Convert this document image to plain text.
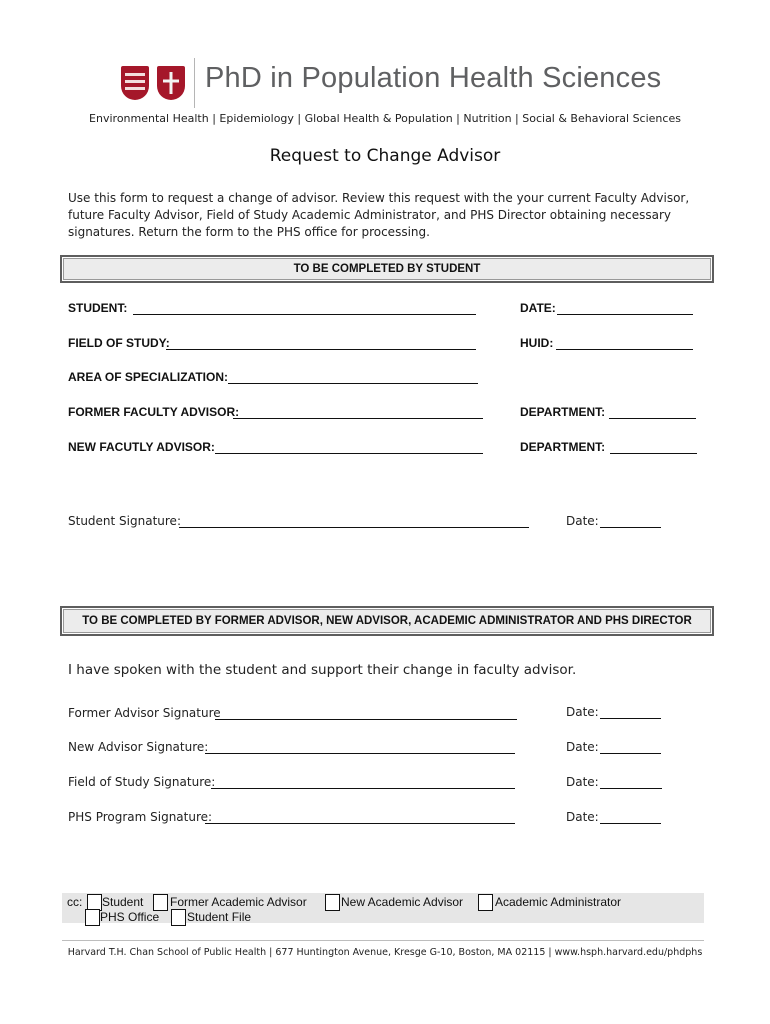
PhD in Population Health Sciences
Environmental Health | Epidemiology | Global Health & Population | Nutrition | Social & Behavioral Sciences
Request to Change Advisor
Use this form to request a change of advisor. Review this request with the your current Faculty Advisor, future Faculty Advisor, Field of Study Academic Administrator, and PHS Director obtaining necessary signatures. Return the form to the PHS office for processing.
TO BE COMPLETED BY STUDENT
STUDENT:	DATE:
FIELD OF STUDY:	HUID:
AREA OF SPECIALIZATION:
FORMER FACULTY ADVISOR:	DEPARTMENT:
NEW FACUTLY ADVISOR:	DEPARTMENT:
Student Signature:	Date:
TO BE COMPLETED BY FORMER ADVISOR, NEW ADVISOR, ACADEMIC ADMINISTRATOR AND PHS DIRECTOR
I have spoken with the student and support their change in faculty advisor.
Former Advisor Signature	Date:
New Advisor Signature:	Date:
Field of Study Signature:	Date:
PHS Program Signature:	Date:
cc: Student Former Academic Advisor	New Academic Advisor	Academic Administrator
PHS Office Student File
Harvard T.H. Chan School of Public Health | 677 Huntington Avenue, Kresge G-10, Boston, MA 02115 | www.hsph.harvard.edu/phdphs
